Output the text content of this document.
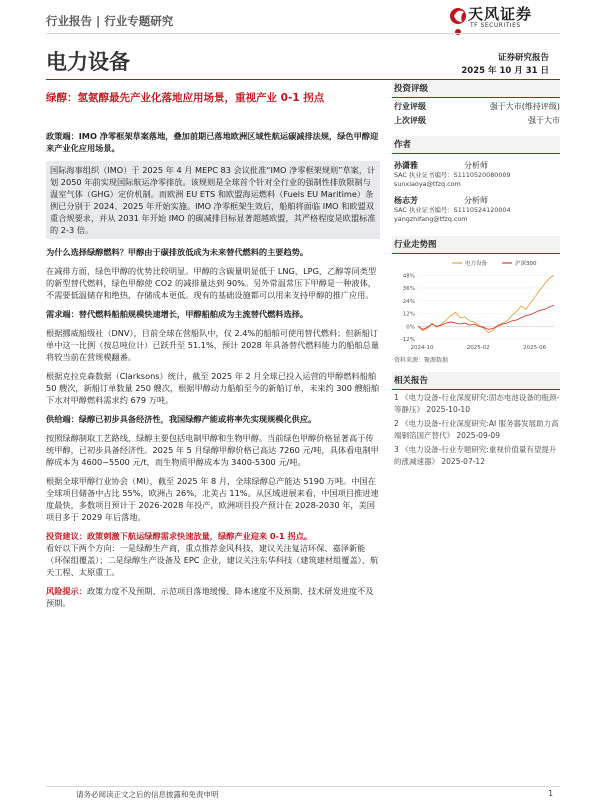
行业报告 | 行业专题研究	天风证券
TF SECURITIES
电力设备	证券研究报告
2025 年 10 月 31 日
绿醇：氢氨醇最先产业化落地应用场景，重视产业 0-1 拐点

政策端：IMO 净零框架草案落地，叠加前期已落地欧洲区域性航运碳减排法规，绿色甲醇迎来产业化应用场景。

国际海事组织（IMO）于 2025 年 4 月 MEPC 83 会议批准“IMO 净零框架规则”草案，计划 2050 年前实现国际航运净零排放。该规则是全球首个针对全行业的强制性排放限制与温室气体（GHG）定价机制。而欧洲 EU ETS 和欧盟海运燃料（Fuels EU Maritime）条例已分别于 2024、2025 年开始实施。IMO 净零框架生效后，船舶将面临 IMO 和欧盟双重合规要求，并从 2031 年开始 IMO 的碳减排目标显著超越欧盟，其严格程度是欧盟标准的 2-3 倍。

为什么选择绿醇燃料？甲醇由于碳排放低成为未来替代燃料的主要趋势。

在减排方面，绿色甲醇的优势比较明显。甲醇的含碳量明显低于 LNG、LPG、乙醇等同类型的新型替代燃料，绿色甲醇使 CO2 的减排量达到 90%。另外常温常压下甲醇是一种液体，不需要低温储存和绝热，存储成本更低。现有的基础设施都可以用来支持甲醇的推广应用。

需求端：替代燃料船舶规模快速增长，甲醇船舶成为主流替代燃料选择。

根据挪威船级社（DNV），目前全球在营船队中，仅 2.4%的船舶可使用替代燃料；但新船订单中这一比例（按总吨位计）已跃升至 51.1%，预计 2028 年具备替代燃料能力的船舶总量将较当前在营规模翻番。

根据克拉克森数据（Clarksons）统计，截至 2025 年 2 月全球已投入运营的甲醇燃料船舶 50 艘次，新船订单数量 250 艘次，根据甲醇动力船舶至今的新船订单，未来约 300 艘船舶下水对甲醇燃料需求约 679 万吨。

供给端：绿醇已初步具备经济性，我国绿醇产能或将率先实现规模化供应。

按照绿醇制取工艺路线，绿醇主要包括电制甲醇和生物甲醇。当前绿色甲醇价格显著高于传统甲醇，已初步具备经济性。2025 年 5 月绿醇甲醇价格已高达 7260 元/吨，具体看电制甲醇成本为 4600~5500 元/t，而生物质甲醇成本为 3400-5300 元/吨。

根据全球甲醇行业协会（MI），截至 2025 年 8 月，全球绿醇总产能达 5190 万吨。中国在全球项目储备中占比 55%，欧洲占 26%，北美占 11%。从区域进展来看，中国项目推进速度最快，多数项目预计于 2026-2028 年投产，欧洲项目投产预计在 2028-2030 年，美国项目多于 2029 年后落地。

投资建议：政策刺激下航运绿醇需求快速放量，绿醇产业迎来 0-1 拐点。
看好以下两个方向：一是绿醇生产商，重点推荐金风科技，建议关注复洁环保、嘉泽新能（环保组覆盖）；二是绿醇生产设备及 EPC 企业，建议关注东华科技（建筑建材组覆盖）、航天工程、太原重工。

风险提示：政策力度不及预期、示范项目落地缓慢、降本速度不及预期、技术研发进度不及预期。

投资评级
行业评级	强于大市(维持评级)
上次评级	强于大市
作者
孙潇雅	分析师
SAC 执业证书编号：S1110520080009
sunxiaoya@tfzq.com
杨志芳	分析师
SAC 执业证书编号：S1110524120004
yangzhifang@tfzq.com
行业走势图
-12%
0%
12%
24%
36%
48%
2024-10	2025-02	2025-06
电力设备	沪深300
资料来源：聚源数据
相关报告
1 《电力设备-行业深度研究:固态电池设备的瓶颈-等静压》 2025-10-10
2 《电力设备-行业深度研究:AI 服务器发展助力高端铜箔国产替代》 2025-09-09
3 《电力设备-行业专题研究:重视价值量有望提升的涨减速器》 2025-07-12
请务必阅读正文之后的信息披露和免责申明	1
